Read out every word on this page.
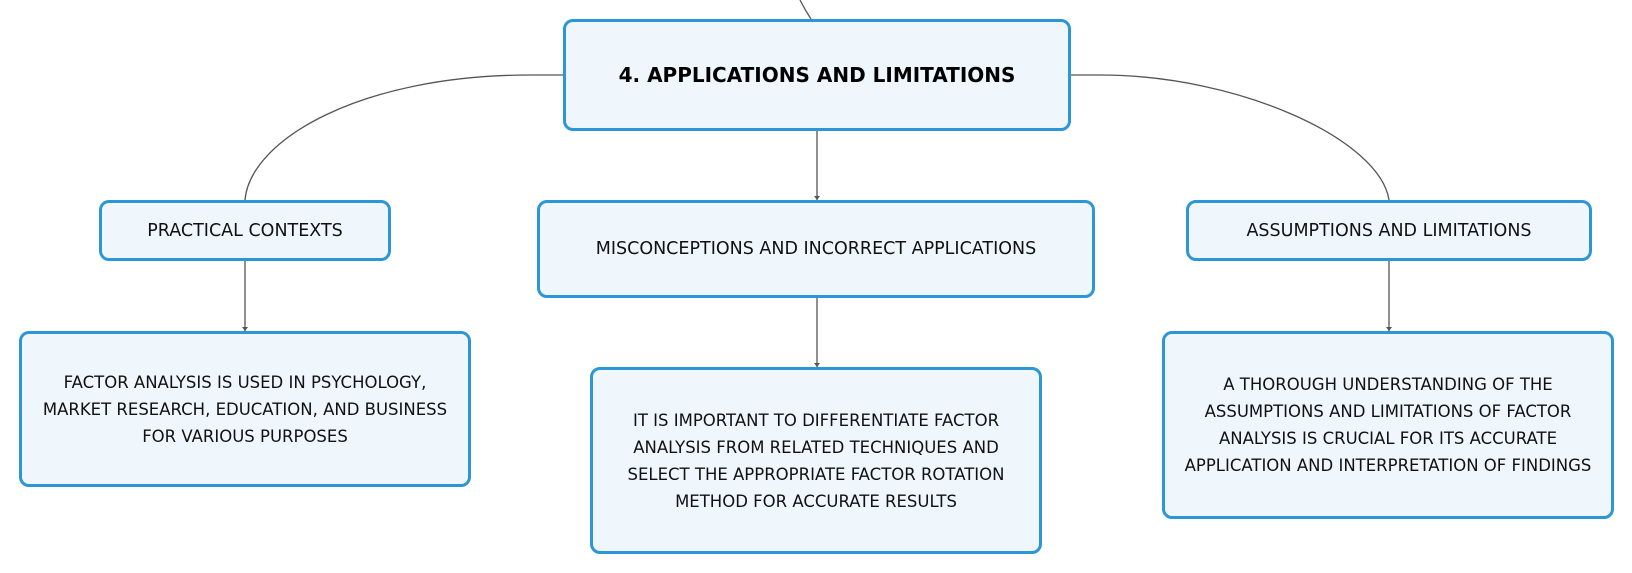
4. APPLICATIONS AND LIMITATIONS
PRACTICAL CONTEXTS
MISCONCEPTIONS AND INCORRECT APPLICATIONS
ASSUMPTIONS AND LIMITATIONS
FACTOR ANALYSIS IS USED IN PSYCHOLOGY, MARKET RESEARCH, EDUCATION, AND BUSINESS FOR VARIOUS PURPOSES
IT IS IMPORTANT TO DIFFERENTIATE FACTOR ANALYSIS FROM RELATED TECHNIQUES AND SELECT THE APPROPRIATE FACTOR ROTATION METHOD FOR ACCURATE RESULTS
A THOROUGH UNDERSTANDING OF THE ASSUMPTIONS AND LIMITATIONS OF FACTOR ANALYSIS IS CRUCIAL FOR ITS ACCURATE APPLICATION AND INTERPRETATION OF FINDINGS
